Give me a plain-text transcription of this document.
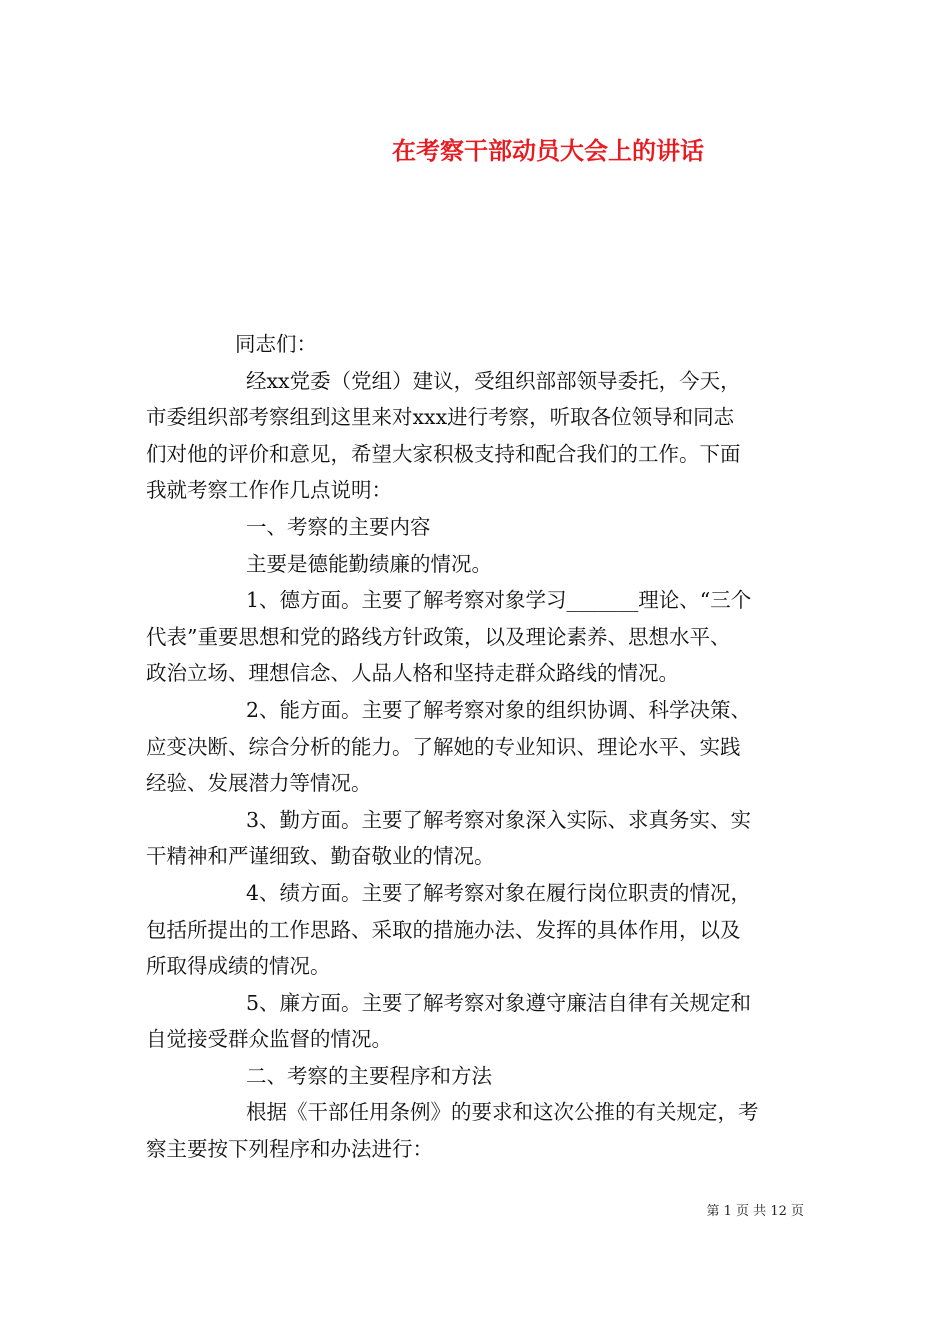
在考察干部动员大会上的讲话

同志们：

经xx党委（党组）建议，受组织部部领导委托，今天，

市委组织部考察组到这里来对xxx进行考察，听取各位领导和同志

们对他的评价和意见，希望大家积极支持和配合我们的工作。下面

我就考察工作作几点说明：

一、考察的主要内容

主要是德能勤绩廉的情况。

1、德方面。主要了解考察对象学习_______理论、“三个

代表”重要思想和党的路线方针政策，以及理论素养、思想水平、

政治立场、理想信念、人品人格和坚持走群众路线的情况。

2、能方面。主要了解考察对象的组织协调、科学决策、

应变决断、综合分析的能力。了解她的专业知识、理论水平、实践

经验、发展潜力等情况。

3、勤方面。主要了解考察对象深入实际、求真务实、实

干精神和严谨细致、勤奋敬业的情况。

4、绩方面。主要了解考察对象在履行岗位职责的情况，

包括所提出的工作思路、采取的措施办法、发挥的具体作用，以及

所取得成绩的情况。

5、廉方面。主要了解考察对象遵守廉洁自律有关规定和

自觉接受群众监督的情况。

二、考察的主要程序和方法

根据《干部任用条例》的要求和这次公推的有关规定，考

察主要按下列程序和办法进行：

第 1 页 共 12 页
